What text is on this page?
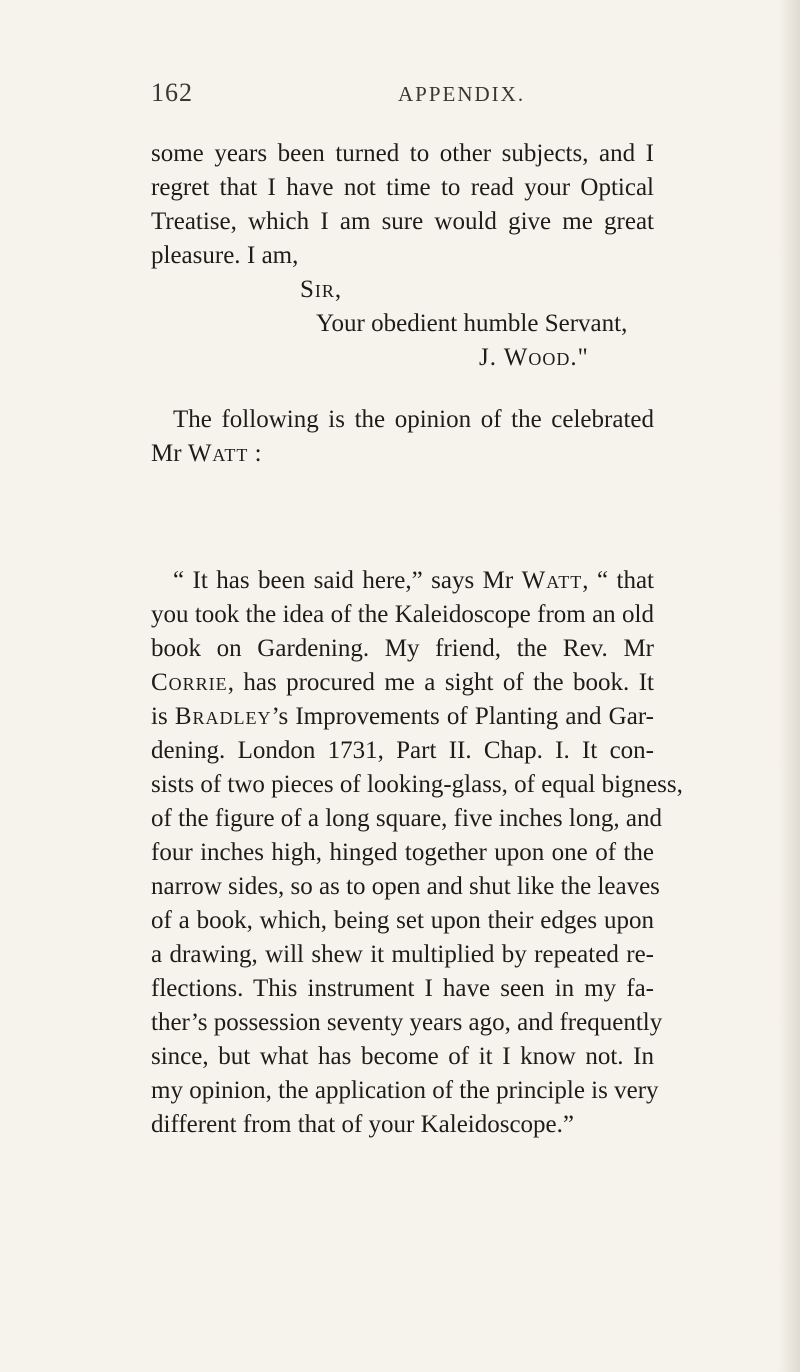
162	APPENDIX.
some years been turned to other subjects, and I
regret that I have not time to read your Optical
Treatise, which I am sure would give me great
pleasure. I am,
Sir,
Your obedient humble Servant,
J. Wood."
The following is the opinion of the celebrated
Mr Watt :
“ It has been said here,” says Mr Watt, “ that
you took the idea of the Kaleidoscope from an old
book on Gardening. My friend, the Rev. Mr
Corrie, has procured me a sight of the book. It
is Bradley’s Improvements of Planting and Gar-
dening. London 1731, Part II. Chap. I. It con-
sists of two pieces of looking-glass, of equal bigness,
of the figure of a long square, five inches long, and
four inches high, hinged together upon one of the
narrow sides, so as to open and shut like the leaves
of a book, which, being set upon their edges upon
a drawing, will shew it multiplied by repeated re-
flections. This instrument I have seen in my fa-
ther’s possession seventy years ago, and frequently
since, but what has become of it I know not. In
my opinion, the application of the principle is very
different from that of your Kaleidoscope.”
